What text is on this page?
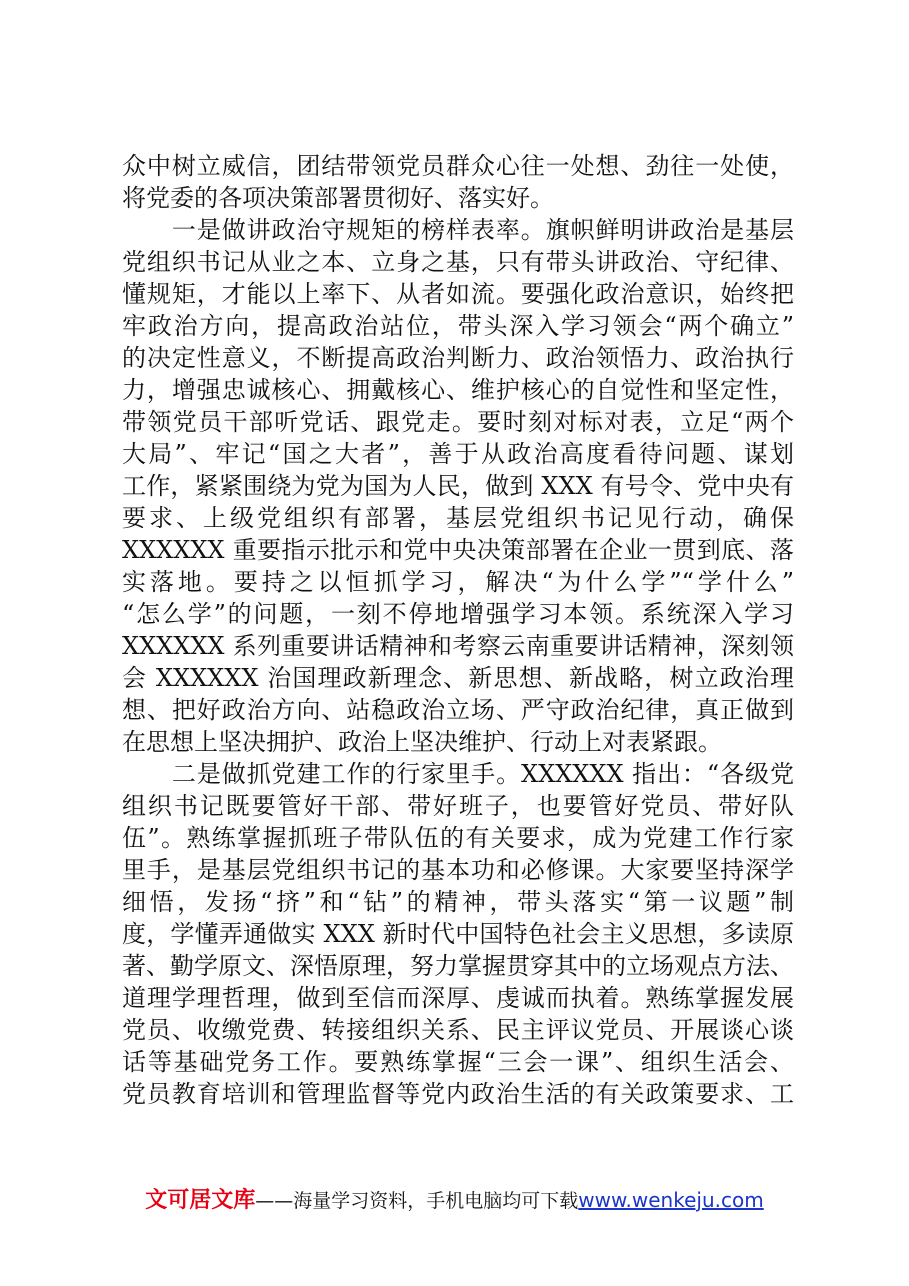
众中树立威信，团结带领党员群众心往一处想、劲往一处使，
将党委的各项决策部署贯彻好、落实好。
　　一是做讲政治守规矩的榜样表率。旗帜鲜明讲政治是基层
党组织书记从业之本、立身之基，只有带头讲政治、守纪律、
懂规矩，才能以上率下、从者如流。要强化政治意识，始终把
牢政治方向，提高政治站位，带头深入学习领会“两个确立”
的决定性意义，不断提高政治判断力、政治领悟力、政治执行
力，增强忠诚核心、拥戴核心、维护核心的自觉性和坚定性，
带领党员干部听党话、跟党走。要时刻对标对表，立足“两个
大局”、牢记“国之大者”，善于从政治高度看待问题、谋划
工作，紧紧围绕为党为国为人民，做到 XXX 有号令、党中央有
要求、上级党组织有部署，基层党组织书记见行动，确保
XXXXXX 重要指示批示和党中央决策部署在企业一贯到底、落
实落地。要持之以恒抓学习，解决“为什么学”“学什么”
“怎么学”的问题，一刻不停地增强学习本领。系统深入学习
XXXXXX 系列重要讲话精神和考察云南重要讲话精神，深刻领
会 XXXXXX 治国理政新理念、新思想、新战略，树立政治理
想、把好政治方向、站稳政治立场、严守政治纪律，真正做到
在思想上坚决拥护、政治上坚决维护、行动上对表紧跟。
　　二是做抓党建工作的行家里手。XXXXXX 指出：“各级党
组织书记既要管好干部、带好班子，也要管好党员、带好队
伍”。熟练掌握抓班子带队伍的有关要求，成为党建工作行家
里手，是基层党组织书记的基本功和必修课。大家要坚持深学
细悟，发扬“挤”和“钻”的精神，带头落实“第一议题”制
度，学懂弄通做实 XXX 新时代中国特色社会主义思想，多读原
著、勤学原文、深悟原理，努力掌握贯穿其中的立场观点方法、
道理学理哲理，做到至信而深厚、虔诚而执着。熟练掌握发展
党员、收缴党费、转接组织关系、民主评议党员、开展谈心谈
话等基础党务工作。要熟练掌握“三会一课”、组织生活会、
党员教育培训和管理监督等党内政治生活的有关政策要求、工
文可居文库——海量学习资料，手机电脑均可下载www.wenkeju.com
